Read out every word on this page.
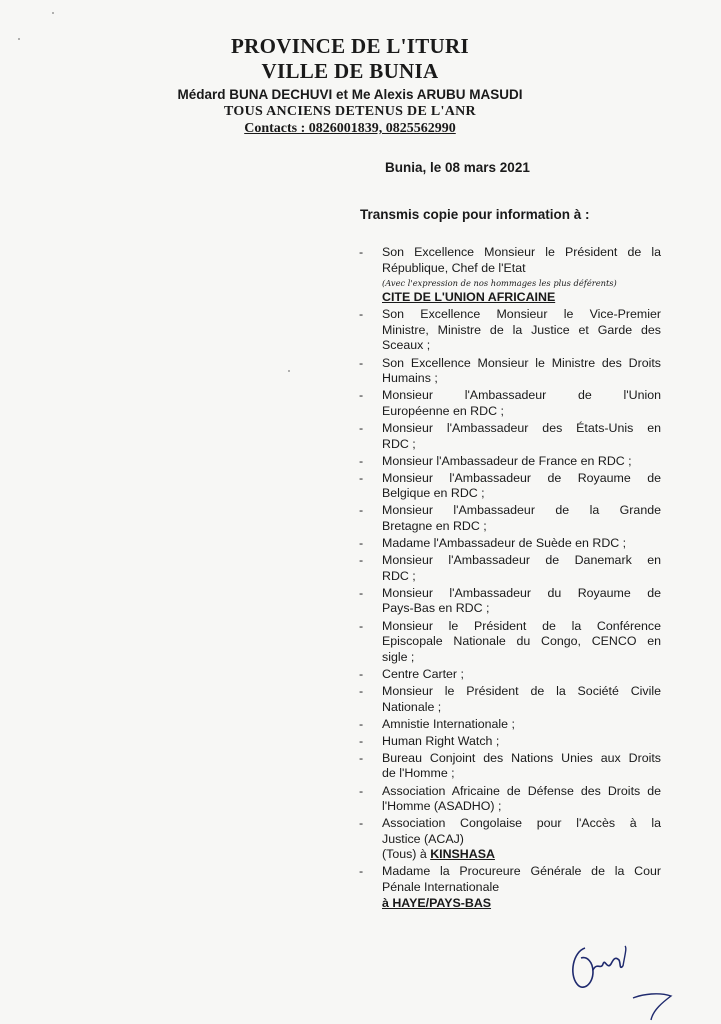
PROVINCE DE L'ITURI
VILLE DE BUNIA
Médard BUNA DECHUVI et Me Alexis ARUBU MASUDI
TOUS ANCIENS DETENUS DE L'ANR
Contacts : 0826001839, 0825562990
Bunia, le 08 mars 2021
Transmis copie pour information à :
- Son Excellence Monsieur le Président de la
République, Chef de l'Etat
(Avec l'expression de nos hommages les plus déférents)
CITE DE L'UNION AFRICAINE
- Son Excellence Monsieur le Vice-Premier
Ministre, Ministre de la Justice et Garde des
Sceaux ;
- Son Excellence Monsieur le Ministre des Droits
Humains ;
- Monsieur l'Ambassadeur de l'Union
Européenne en RDC ;
- Monsieur l'Ambassadeur des États-Unis en
RDC ;
- Monsieur l'Ambassadeur de France en RDC ;
- Monsieur l'Ambassadeur de Royaume de
Belgique en RDC ;
- Monsieur l'Ambassadeur de la Grande
Bretagne en RDC ;
- Madame l'Ambassadeur de Suède en RDC ;
- Monsieur l'Ambassadeur de Danemark en
RDC ;
- Monsieur l'Ambassadeur du Royaume de
Pays-Bas en RDC ;
- Monsieur le Président de la Conférence
Episcopale Nationale du Congo, CENCO en
sigle ;
- Centre Carter ;
- Monsieur le Président de la Société Civile
Nationale ;
- Amnistie Internationale ;
- Human Right Watch ;
- Bureau Conjoint des Nations Unies aux Droits
de l'Homme ;
- Association Africaine de Défense des Droits de
l'Homme (ASADHO) ;
- Association Congolaise pour l'Accès à la
Justice (ACAJ)
(Tous) à KINSHASA
- Madame la Procureure Générale de la Cour
Pénale Internationale
à HAYE/PAYS-BAS
